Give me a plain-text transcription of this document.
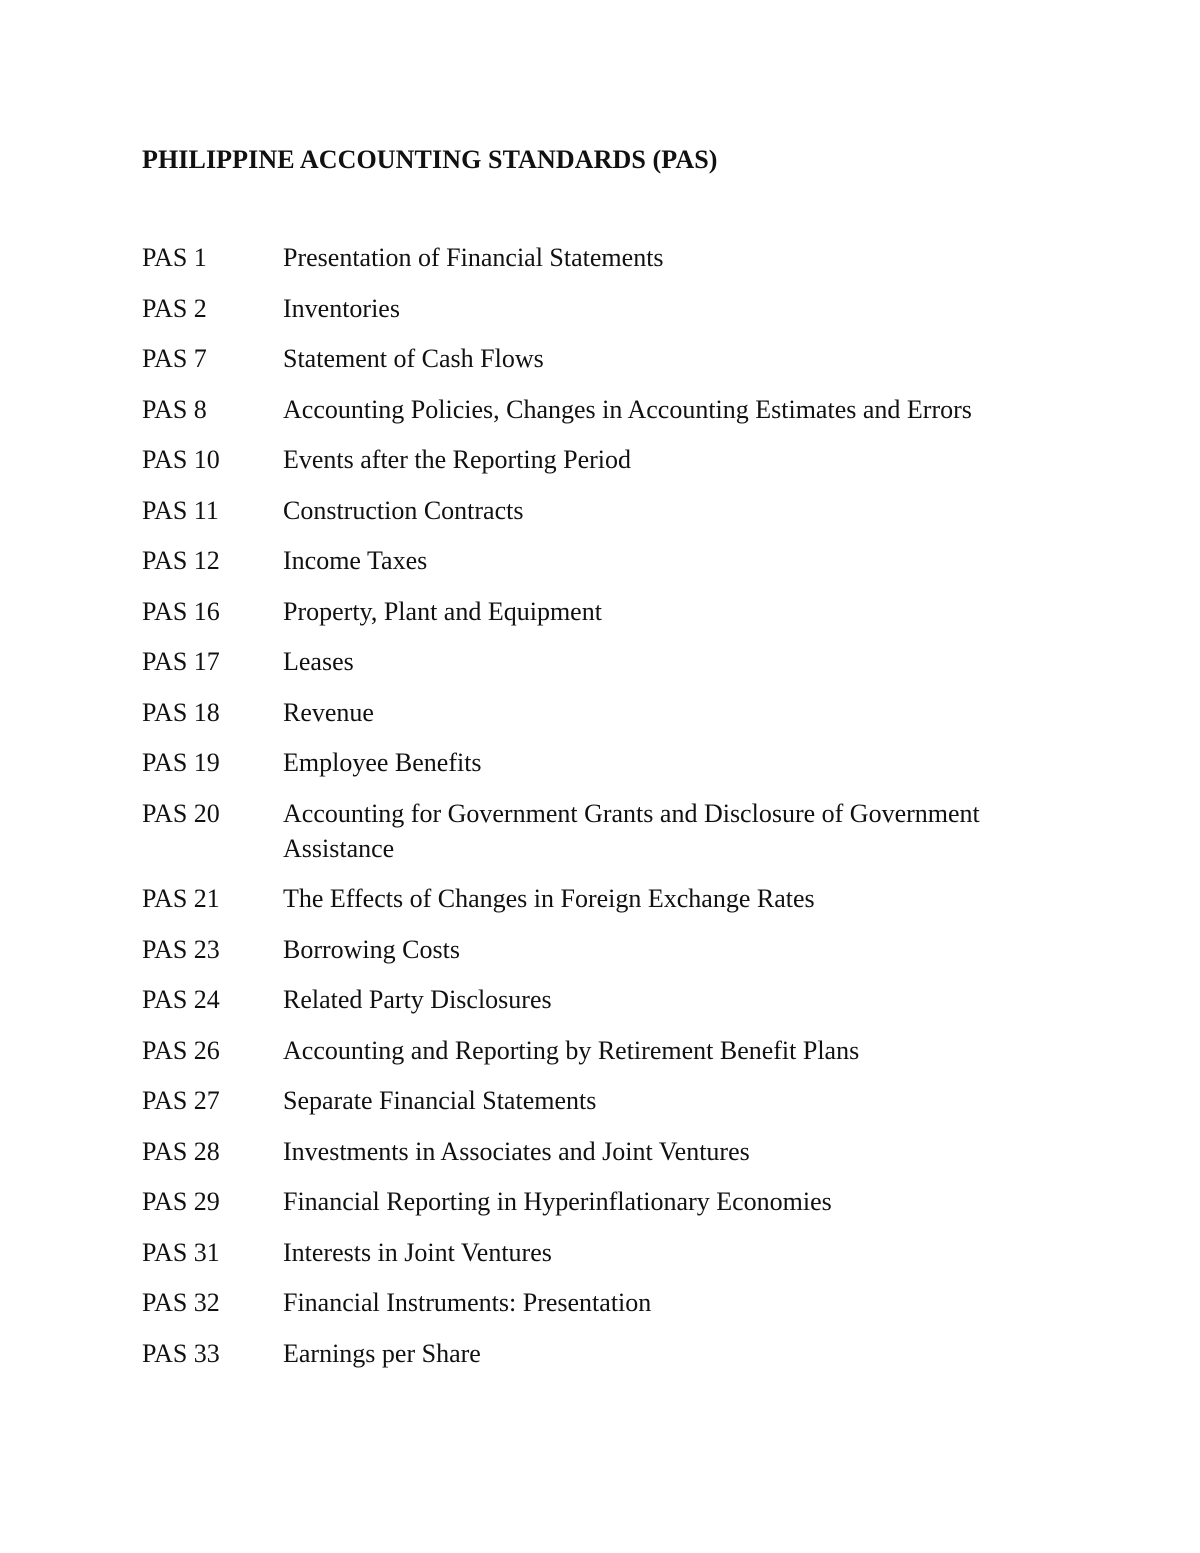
PHILIPPINE ACCOUNTING STANDARDS (PAS)
PAS 1	Presentation of Financial Statements
PAS 2	Inventories
PAS 7	Statement of Cash Flows
PAS 8	Accounting Policies, Changes in Accounting Estimates and Errors
PAS 10	Events after the Reporting Period
PAS 11	Construction Contracts
PAS 12	Income Taxes
PAS 16	Property, Plant and Equipment
PAS 17	Leases
PAS 18	Revenue
PAS 19	Employee Benefits
PAS 20	Accounting for Government Grants and Disclosure of Government Assistance
PAS 21	The Effects of Changes in Foreign Exchange Rates
PAS 23	Borrowing Costs
PAS 24	Related Party Disclosures
PAS 26	Accounting and Reporting by Retirement Benefit Plans
PAS 27	Separate Financial Statements
PAS 28	Investments in Associates and Joint Ventures
PAS 29	Financial Reporting in Hyperinflationary Economies
PAS 31	Interests in Joint Ventures
PAS 32	Financial Instruments: Presentation
PAS 33	Earnings per Share
